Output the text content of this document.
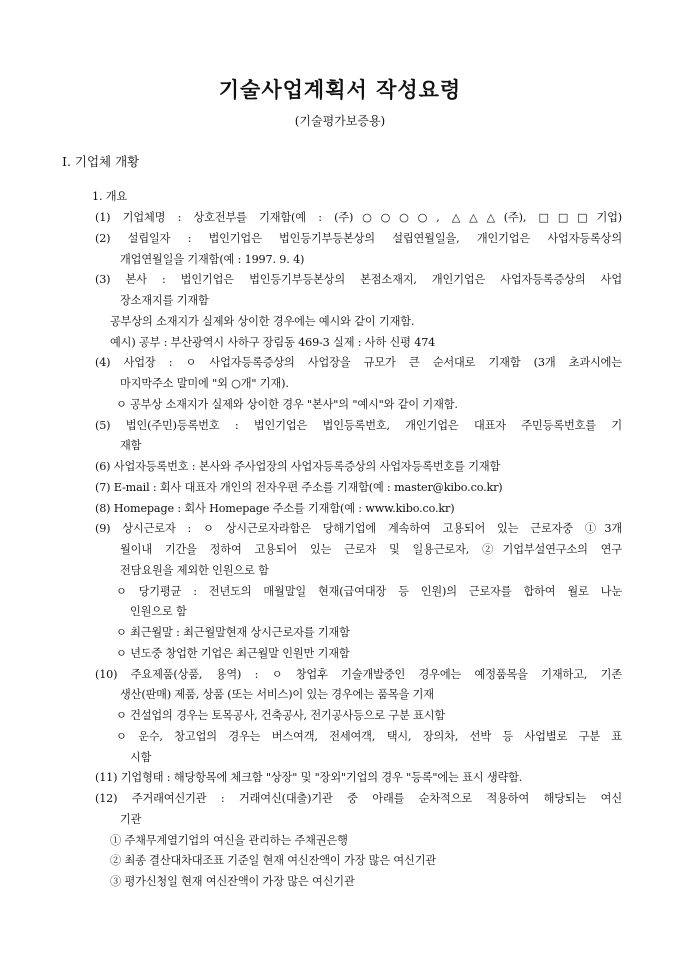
기술사업계획서 작성요령
(기술평가보증용)
I. 기업체 개황
1. 개요
(1) 기업체명 : 상호전부를 기재함(예 : (주)○○○○, △△△(주), □□□기업)
(2) 설립일자 : 법인기업은 법인등기부등본상의 설립연월일을, 개인기업은 사업자등록상의
개업연월일을 기재함(예 : 1997. 9. 4)
(3) 본사 : 법인기업은 법인등기부등본상의 본점소재지, 개인기업은 사업자등록증상의 사업
장소재지를 기재함
공부상의 소재지가 실제와 상이한 경우에는 예시와 같이 기재함.
예시) 공부 : 부산광역시 사하구 장림동 469-3 실제 : 사하 신평 474
(4) 사업장 : ㅇ 사업자등록증상의 사업장을 규모가 큰 순서대로 기재함 (3개 초과시에는
마지막주소 말미에 "외 ○개" 기재).
ㅇ 공부상 소재지가 실제와 상이한 경우 "본사"의 "예시"와 같이 기재함.
(5) 법인(주민)등록번호 : 법인기업은 법인등록번호, 개인기업은 대표자 주민등록번호를 기
재함
(6) 사업자등록번호 : 본사와 주사업장의 사업자등록증상의 사업자등록번호를 기재함
(7) E-mail : 회사 대표자 개인의 전자우편 주소를 기재함(예 : master@kibo.co.kr)
(8) Homepage : 회사 Homepage 주소를 기재함(예 : www.kibo.co.kr)
(9) 상시근로자 : ㅇ 상시근로자라함은 당해기업에 계속하여 고용되어 있는 근로자중 ①3개
월이내 기간을 정하여 고용되어 있는 근로자 및 일용근로자, ②기업부설연구소의 연구
전담요원을 제외한 인원으로 함
ㅇ 당기평균 : 전년도의 매월말일 현재(급여대장 등 인원)의 근로자를 합하여 월로 나눈
인원으로 함
ㅇ 최근월말 : 최근월말현재 상시근로자를 기재함
ㅇ 년도중 창업한 기업은 최근월말 인원만 기재함
(10) 주요제품(상품, 용역) : ㅇ 창업후 기술개발중인 경우에는 예정품목을 기재하고, 기존
생산(판매) 제품, 상품 (또는 서비스)이 있는 경우에는 품목을 기재
ㅇ 건설업의 경우는 토목공사, 건축공사, 전기공사등으로 구분 표시함
ㅇ 운수, 창고업의 경우는 버스여객, 전세여객, 택시, 장의차, 선박 등 사업별로 구분 표
시함
(11) 기업형태 : 해당항목에 체크함 "상장" 및 "장외"기업의 경우 "등록"에는 표시 생략함.
(12) 주거래여신기관 : 거래여신(대출)기관 중 아래를 순차적으로 적용하여 해당되는 여신
기관
① 주채무계열기업의 여신을 관리하는 주채권은행
② 최종 결산대차대조표 기준일 현재 여신잔액이 가장 많은 여신기관
③ 평가신청일 현재 여신잔액이 가장 많은 여신기관
